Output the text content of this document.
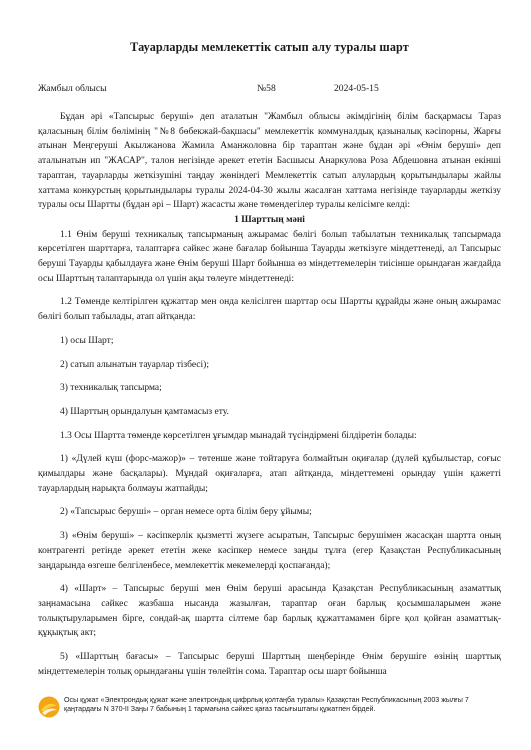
Тауарларды мемлекеттік сатып алу туралы шарт
Жамбыл облысы	№58	2024-05-15

Бұдан әрі «Тапсырыс беруші» деп аталатын "Жамбыл облысы әкімдігінің білім басқармасы Тараз қаласының білім бөлімінің "№8 бөбекжай-бақшасы" мемлекеттік коммуналдық қазыналық кәсіпорны, Жарғы атынан Меңгеруші Акылжанова Жамила Аманжоловна бір тараптан және бұдан әрі «Өнім беруші» деп аталынатын ип "ЖАСАР", талон негізінде әрекет ететін Басшысы Анаркулова Роза Абдешовна атынан екінші тараптан, тауарларды жеткізушіні таңдау жөніндегі Мемлекеттік сатып алулардың қорытындылары жайлы хаттама конкурстың қорытындылары туралы 2024-04-30 жылы жасалған хаттама негізінде тауарларды жеткізу туралы осы Шартты (бұдан әрі – Шарт) жасасты және төмендегілер туралы келісімге келді:

1 Шарттың мәні

1.1 Өнім беруші техникалық тапсырманың ажырамас бөлігі болып табылатын техникалық тапсырмада көрсетілген шарттарға, талаптарға сәйкес және бағалар бойынша Тауарды жеткізуге міндеттенеді, ал Тапсырыс беруші Тауарды қабылдауға және Өнім беруші Шарт бойынша өз міндеттемелерін тиісінше орындаған жағдайда осы Шарттың талаптарында ол үшін ақы төлеуге міндеттенеді:

1.2 Төменде келтірілген құжаттар мен онда келісілген шарттар осы Шартты құрайды және оның ажырамас бөлігі болып табылады, атап айтқанда:

1) осы Шарт;

2) сатып алынатын тауарлар тізбесі);

3) техникалық тапсырма;

4) Шарттың орындалуын қамтамасыз ету.

1.3 Осы Шартта төменде көрсетілген ұғымдар мынадай түсіндірмені білдіретін болады:

1) «Дүлей күш (форс-мажор)» – төтенше және тойтаруға болмайтын оқиғалар (дүлей құбылыстар, соғыс қимылдары және басқалары). Мұндай оқиғаларға, атап айтқанда, міндеттемені орындау үшін қажетті тауарлардың нарықта болмауы жатпайды;

2) «Тапсырыс беруші» – орган немесе орта білім беру ұйымы;

3) «Өнім беруші» – кәсіпкерлік қызметті жүзеге асыратын, Тапсырыс берушімен жасасқан шартта оның контрагенті ретінде әрекет ететін жеке кәсіпкер немесе заңды тұлға (егер Қазақстан Республикасының заңдарында өзгеше белгіленбесе, мемлекеттік мекемелерді қоспағанда);

4) «Шарт» – Тапсырыс беруші мен Өнім беруші арасында Қазақстан Республикасының азаматтық заңнамасына сәйкес жазбаша нысанда жазылған, тараптар оған барлық қосымшаларымен және толықтыруларымен бірге, сондай-ақ шартта сілтеме бар барлық құжаттамамен бірге қол қойған азаматтық-құқықтық акт;

5) «Шарттың бағасы» – Тапсырыс беруші Шарттың шеңберінде Өнім берушіге өзінің шарттық міндеттемелерін толық орындағаны үшін төлейтін сома. Тараптар осы шарт бойынша

Осы құжат «Электрондық құжат және электрондық цифрлық қолтаңба туралы» Қазақстан Республикасының 2003 жылғы 7 қаңтардағы N 370-II Заңы 7 бабының 1 тармағына сәйкес қағаз тасығыштағы құжатпен бірдей.
